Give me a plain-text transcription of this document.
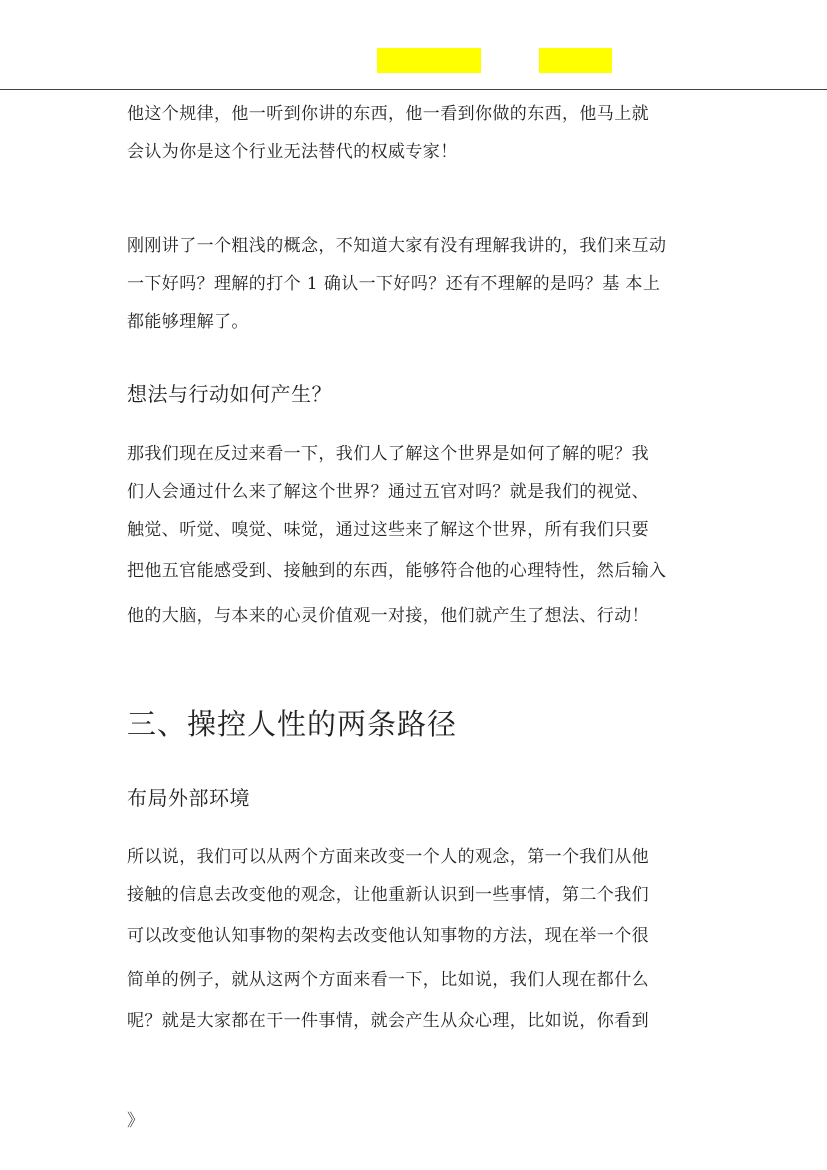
他这个规律，他一听到你讲的东西，他一看到你做的东西，他马上就
会认为你是这个行业无法替代的权威专家！
刚刚讲了一个粗浅的概念，不知道大家有没有理解我讲的，我们来互动
一下好吗？理解的打个 1 确认一下好吗？还有不理解的是吗？基 本上
都能够理解了。
想法与行动如何产生？
那我们现在反过来看一下，我们人了解这个世界是如何了解的呢？我
们人会通过什么来了解这个世界？通过五官对吗？就是我们的视觉、
触觉、听觉、嗅觉、味觉，通过这些来了解这个世界，所有我们只要
把他五官能感受到、接触到的东西，能够符合他的心理特性，然后输入
他的大脑，与本来的心灵价值观一对接，他们就产生了想法、行动！
三、操控人性的两条路径
布局外部环境
所以说，我们可以从两个方面来改变一个人的观念，第一个我们从他
接触的信息去改变他的观念，让他重新认识到一些事情，第二个我们
可以改变他认知事物的架构去改变他认知事物的方法，现在举一个很
简单的例子，就从这两个方面来看一下，比如说，我们人现在都什么
呢？就是大家都在干一件事情，就会产生从众心理，比如说，你看到
》
